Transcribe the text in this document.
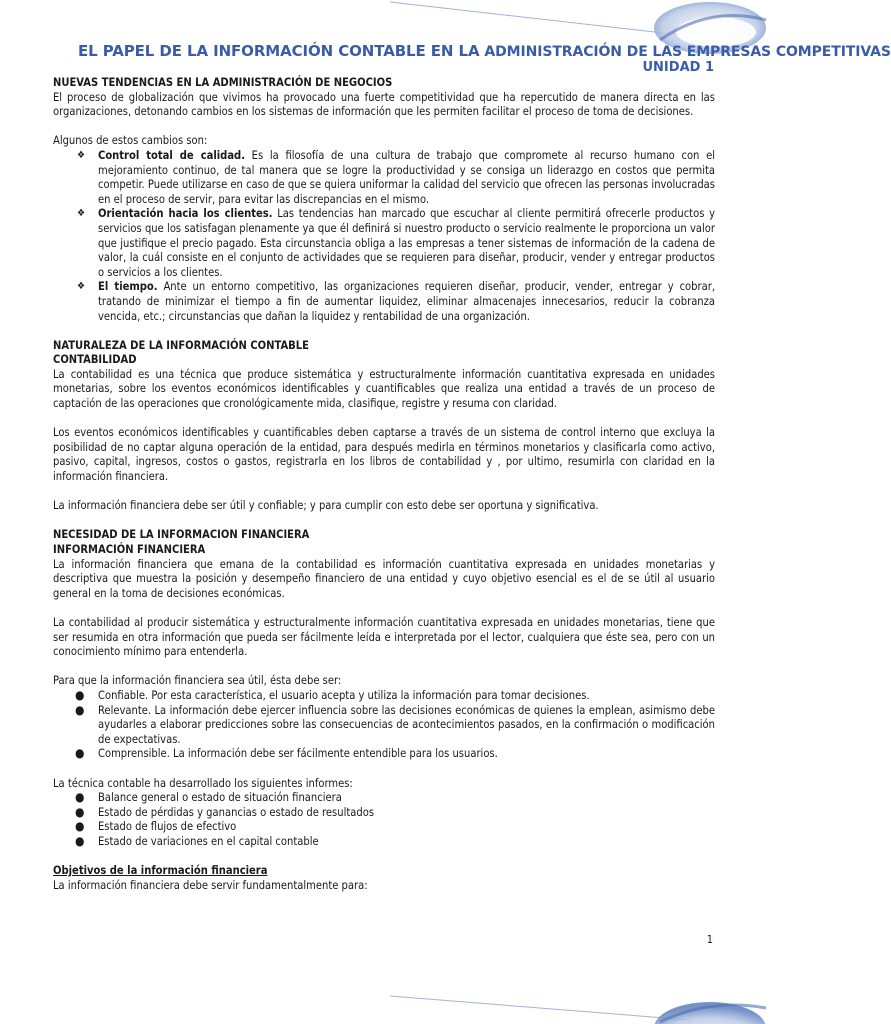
EL PAPEL DE LA INFORMACIÓN CONTABLE EN LA ADMINISTRACIÓN DE LAS EMPRESAS COMPETITIVAS
UNIDAD 1

NUEVAS TENDENCIAS EN LA ADMINISTRACIÓN DE NEGOCIOS

El proceso de globalización que vivimos ha provocado una fuerte competitividad que ha repercutido de manera directa en las organizaciones, detonando cambios en los sistemas de información que les permiten facilitar el proceso de toma de decisiones.

Algunos de estos cambios son:

❖ Control total de calidad. Es la filosofía de una cultura de trabajo que compromete al recurso humano con el mejoramiento continuo, de tal manera que se logre la productividad y se consiga un liderazgo en costos que permita competir. Puede utilizarse en caso de que se quiera uniformar la calidad del servicio que ofrecen las personas involucradas en el proceso de servir, para evitar las discrepancias en el mismo.
❖ Orientación hacia los clientes. Las tendencias han marcado que escuchar al cliente permitirá ofrecerle productos y servicios que los satisfagan plenamente ya que él definirá si nuestro producto o servicio realmente le proporciona un valor que justifique el precio pagado. Esta circunstancia obliga a las empresas a tener sistemas de información de la cadena de valor, la cuál consiste en el conjunto de actividades que se requieren para diseñar, producir, vender y entregar productos o servicios a los clientes.
❖ El tiempo. Ante un entorno competitivo, las organizaciones requieren diseñar, producir, vender, entregar y cobrar, tratando de minimizar el tiempo a fin de aumentar liquidez, eliminar almacenajes innecesarios, reducir la cobranza vencida, etc.; circunstancias que dañan la liquidez y rentabilidad de una organización.

NATURALEZA DE LA INFORMACIÓN CONTABLE

CONTABILIDAD

La contabilidad es una técnica que produce sistemática y estructuralmente información cuantitativa expresada en unidades monetarias, sobre los eventos económicos identificables y cuantificables que realiza una entidad a través de un proceso de captación de las operaciones que cronológicamente mida, clasifique, registre y resuma con claridad.

Los eventos económicos identificables y cuantificables deben captarse a través de un sistema de control interno que excluya la posibilidad de no captar alguna operación de la entidad, para después medirla en términos monetarios y clasificarla como activo, pasivo, capital, ingresos, costos o gastos, registrarla en los libros de contabilidad y , por ultimo, resumirla con claridad en la información financiera.

La información financiera debe ser útil y confiable; y para cumplir con esto debe ser oportuna y significativa.

NECESIDAD DE LA INFORMACION FINANCIERA

INFORMACIÓN FINANCIERA

La información financiera que emana de la contabilidad es información cuantitativa expresada en unidades monetarias y descriptiva que muestra la posición y desempeño financiero de una entidad y cuyo objetivo esencial es el de se útil al usuario general en la toma de decisiones económicas.

La contabilidad al producir sistemática y estructuralmente información cuantitativa expresada en unidades monetarias, tiene que ser resumida en otra información que pueda ser fácilmente leída e interpretada por el lector, cualquiera que éste sea, pero con un conocimiento mínimo para entenderla.

Para que la información financiera sea útil, ésta debe ser:

● Confiable. Por esta característica, el usuario acepta y utiliza la información para tomar decisiones.
● Relevante. La información debe ejercer influencia sobre las decisiones económicas de quienes la emplean, asimismo debe ayudarles a elaborar predicciones sobre las consecuencias de acontecimientos pasados, en la confirmación o modificación de expectativas.
● Comprensible. La información debe ser fácilmente entendible para los usuarios.

La técnica contable ha desarrollado los siguientes informes:

● Balance general o estado de situación financiera
● Estado de pérdidas y ganancias o estado de resultados
● Estado de flujos de efectivo
● Estado de variaciones en el capital contable

Objetivos de la información financiera

La información financiera debe servir fundamentalmente para:

1
